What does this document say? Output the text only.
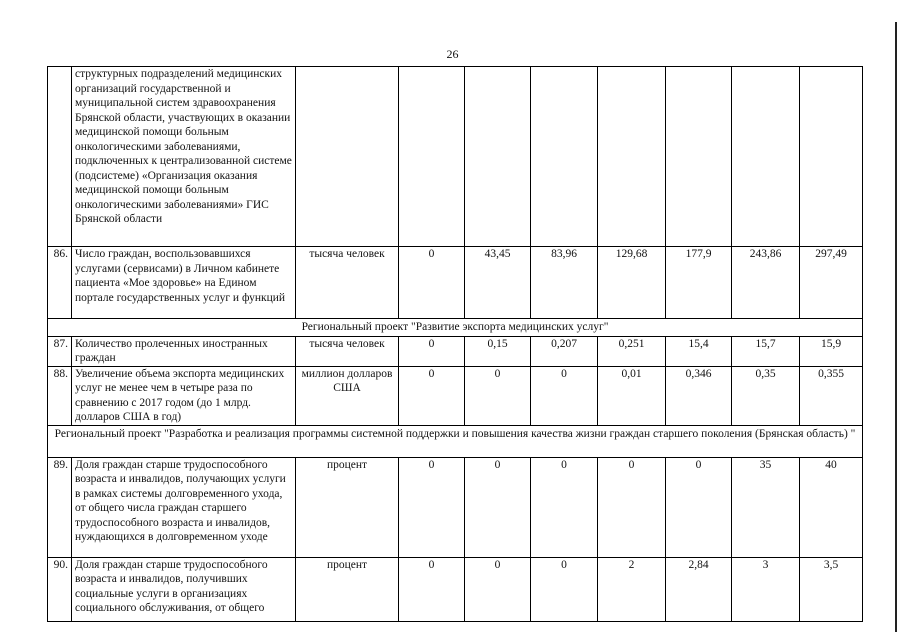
26
	структурных подразделений медицинских организаций государственной и муниципальной систем здравоохранения Брянской области, участвующих в оказании медицинской помощи больным онкологическими заболеваниями, подключенных к централизованной системе (подсистеме) «Организация оказания медицинской помощи больным онкологическими заболеваниями» ГИС Брянской области								
86.	Число граждан, воспользовавшихся услугами (сервисами) в Личном кабинете пациента «Мое здоровье» на Едином портале государственных услуг и функций	тысяча человек	0	43,45	83,96	129,68	177,9	243,86	297,49
Региональный проект "Развитие экспорта медицинских услуг"									
87.	Количество пролеченных иностранных граждан	тысяча человек	0	0,15	0,207	0,251	15,4	15,7	15,9
88.	Увеличение объема экспорта медицинских услуг не менее чем в четыре раза по сравнению с 2017 годом (до 1 млрд. долларов США в год)	миллион долларов США	0	0	0	0,01	0,346	0,35	0,355
Региональный проект "Разработка и реализация программы системной поддержки и повышения качества жизни граждан старшего поколения (Брянская область) "									
89.	Доля граждан старше трудоспособного возраста и инвалидов, получающих услуги в рамках системы долговременного ухода, от общего числа граждан старшего трудоспособного возраста и инвалидов, нуждающихся в долговременном уходе	процент	0	0	0	0	0	35	40
90.	Доля граждан старше трудоспособного возраста и инвалидов, получивших социальные услуги в организациях социального обслуживания, от общего	процент	0	0	0	2	2,84	3	3,5
